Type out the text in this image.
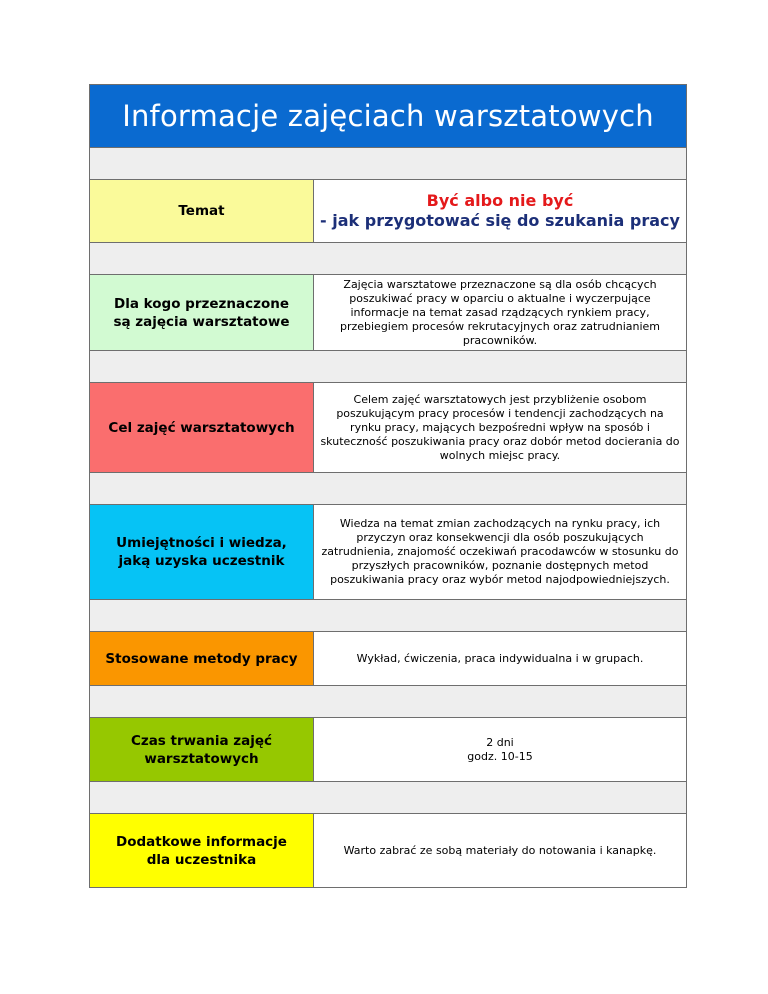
Informacje zajęciach warsztatowych
Temat
Być albo nie być
- jak przygotować się do szukania pracy
Dla kogo przeznaczone są zajęcia warsztatowe
Zajęcia warsztatowe przeznaczone są dla osób chcących poszukiwać pracy w oparciu o aktualne i wyczerpujące informacje na temat zasad rządzących rynkiem pracy, przebiegiem procesów rekrutacyjnych oraz zatrudnianiem pracowników.
Cel zajęć warsztatowych
Celem zajęć warsztatowych jest przybliżenie osobom poszukującym pracy procesów i tendencji zachodzących na rynku pracy, mających bezpośredni wpływ na sposób i skuteczność poszukiwania pracy oraz dobór metod docierania do wolnych miejsc pracy.
Umiejętności i wiedza, jaką uzyska uczestnik
Wiedza na temat zmian zachodzących na rynku pracy, ich przyczyn oraz konsekwencji dla osób poszukujących zatrudnienia, znajomość oczekiwań pracodawców w stosunku do przyszłych pracowników, poznanie dostępnych metod poszukiwania pracy oraz wybór metod najodpowiedniejszych.
Stosowane metody pracy	Wykład, ćwiczenia, praca indywidualna i w grupach.
Czas trwania zajęć warsztatowych
2 dni
godz. 10-15
Dodatkowe informacje dla uczestnika
Warto zabrać ze sobą materiały do notowania i kanapkę.
